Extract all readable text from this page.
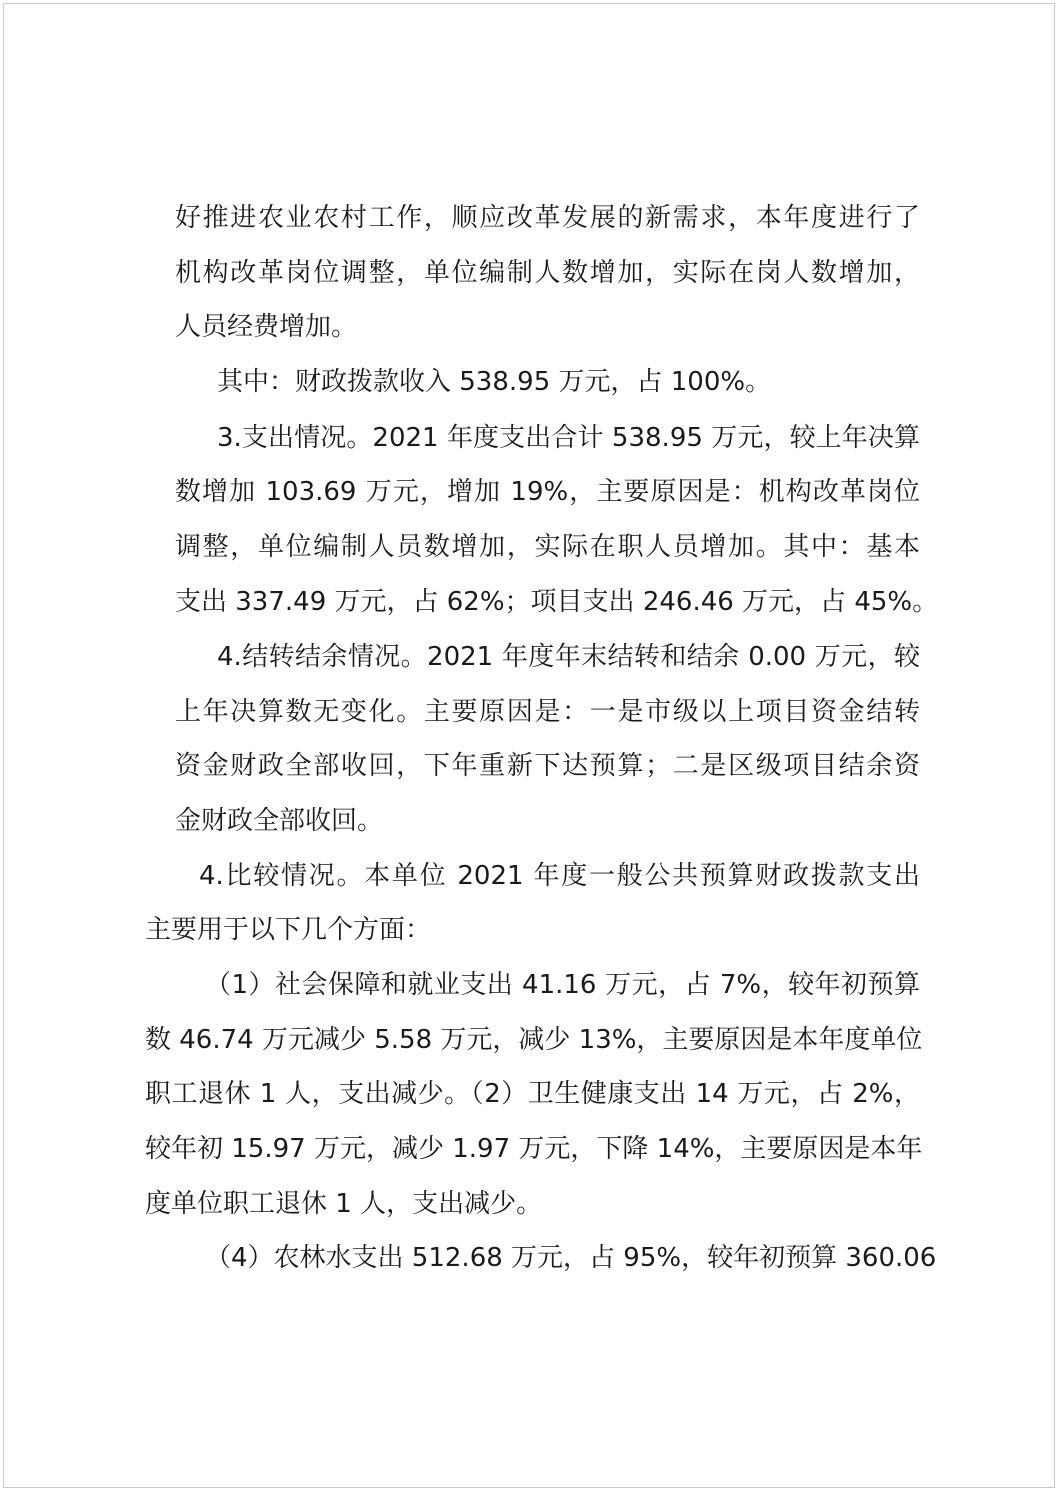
好推进农业农村工作，顺应改革发展的新需求，本年度进行了

机构改革岗位调整，单位编制人数增加，实际在岗人数增加，

人员经费增加。

其中：财政拨款收入 538.95 万元，占 100%。

3.支出情况。2021 年度支出合计 538.95 万元，较上年决算

数增加 103.69 万元，增加 19%，主要原因是：机构改革岗位

调整，单位编制人员数增加，实际在职人员增加。其中：基本

支出 337.49 万元，占 62%；项目支出 246.46 万元，占 45%。

4.结转结余情况。2021 年度年末结转和结余 0.00 万元，较

上年决算数无变化。主要原因是：一是市级以上项目资金结转

资金财政全部收回，下年重新下达预算；二是区级项目结余资

金财政全部收回。

4.比较情况。本单位 2021 年度一般公共预算财政拨款支出

主要用于以下几个方面：

（1）社会保障和就业支出 41.16 万元，占 7%，较年初预算

数 46.74 万元减少 5.58 万元，减少 13%，主要原因是本年度单位

职工退休 1 人，支出减少。（2）卫生健康支出 14 万元，占 2%，

较年初 15.97 万元，减少 1.97 万元，下降 14%，主要原因是本年

度单位职工退休 1 人，支出减少。

（4）农林水支出 512.68 万元，占 95%，较年初预算 360.06
